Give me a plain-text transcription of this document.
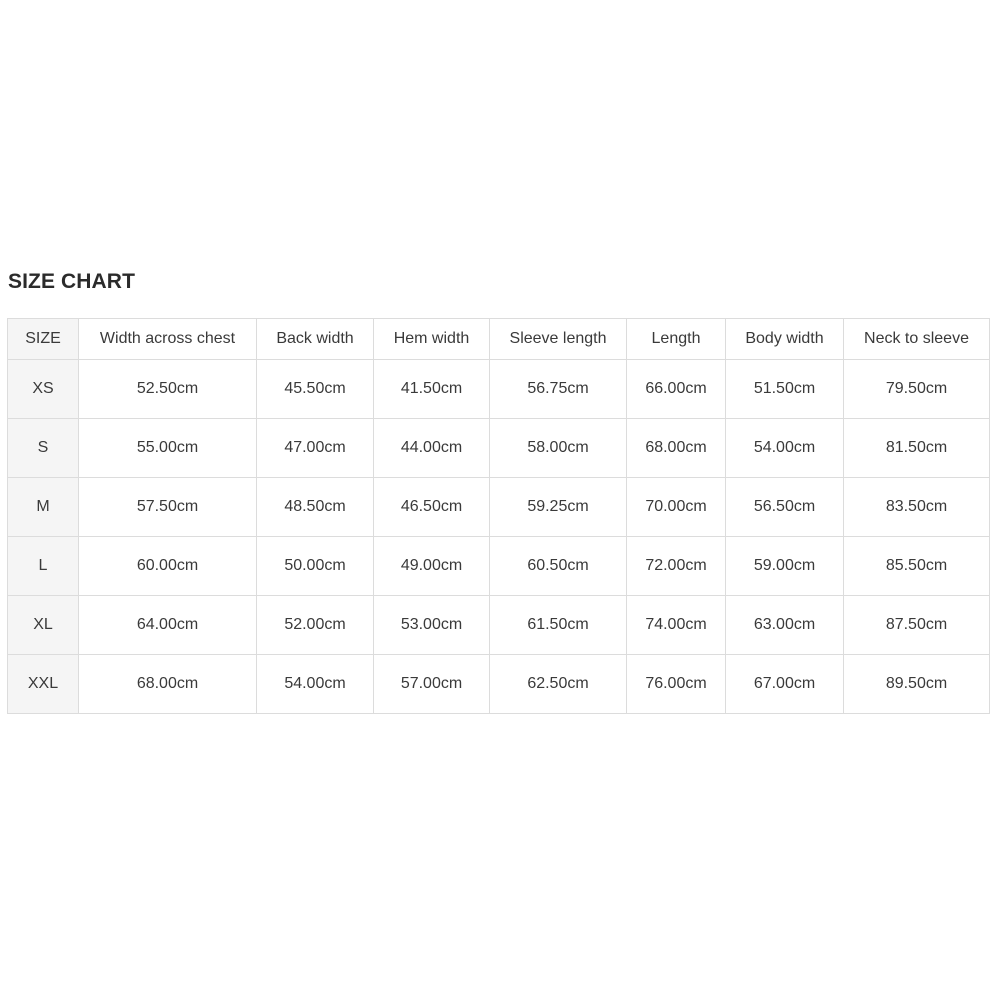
SIZE CHART
SIZE	Width across chest	Back width	Hem width	Sleeve length	Length	Body width	Neck to sleeve
XS	52.50cm	45.50cm	41.50cm	56.75cm	66.00cm	51.50cm	79.50cm
S	55.00cm	47.00cm	44.00cm	58.00cm	68.00cm	54.00cm	81.50cm
M	57.50cm	48.50cm	46.50cm	59.25cm	70.00cm	56.50cm	83.50cm
L	60.00cm	50.00cm	49.00cm	60.50cm	72.00cm	59.00cm	85.50cm
XL	64.00cm	52.00cm	53.00cm	61.50cm	74.00cm	63.00cm	87.50cm
XXL	68.00cm	54.00cm	57.00cm	62.50cm	76.00cm	67.00cm	89.50cm
